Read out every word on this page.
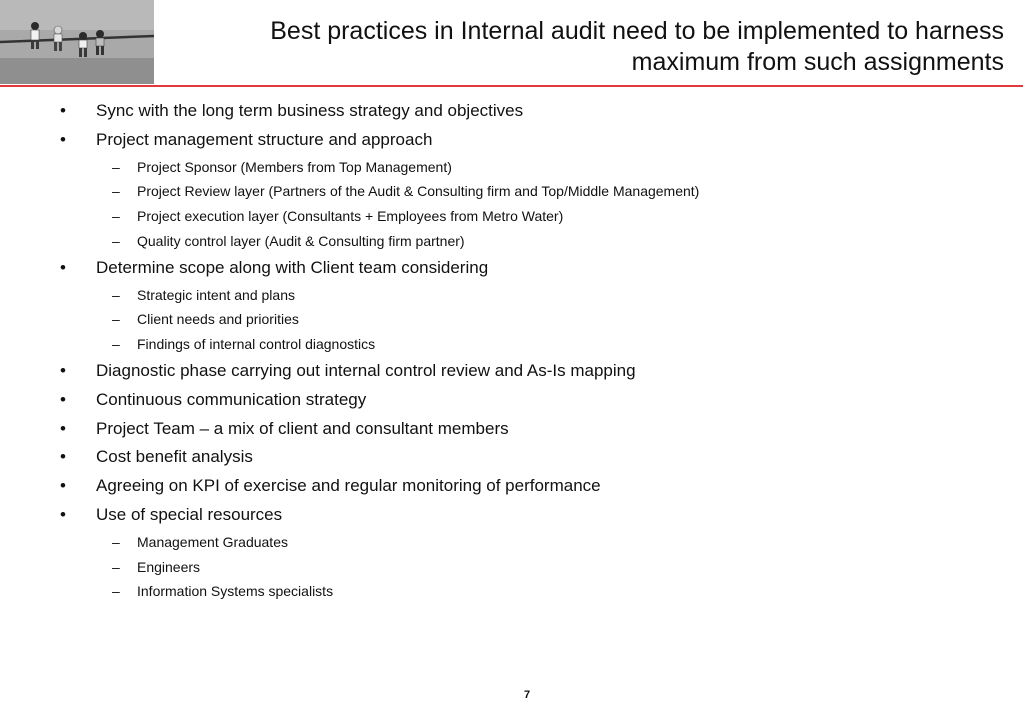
Best practices in Internal audit need to be implemented to harness maximum from such assignments
• Sync with the long term business strategy and objectives
• Project management structure and approach
– Project Sponsor (Members from Top Management)
– Project Review layer (Partners of the Audit & Consulting firm and Top/Middle Management)
– Project execution layer (Consultants + Employees from Metro Water)
– Quality control layer (Audit & Consulting firm partner)
• Determine scope along with Client team considering
– Strategic intent and plans
– Client needs and priorities
– Findings of internal control diagnostics
• Diagnostic phase carrying out internal control review and As-Is mapping
• Continuous communication strategy
• Project Team – a mix of client and consultant members
• Cost benefit analysis
• Agreeing on KPI of exercise and regular monitoring of performance
• Use of special resources
– Management Graduates
– Engineers
– Information Systems specialists
7
